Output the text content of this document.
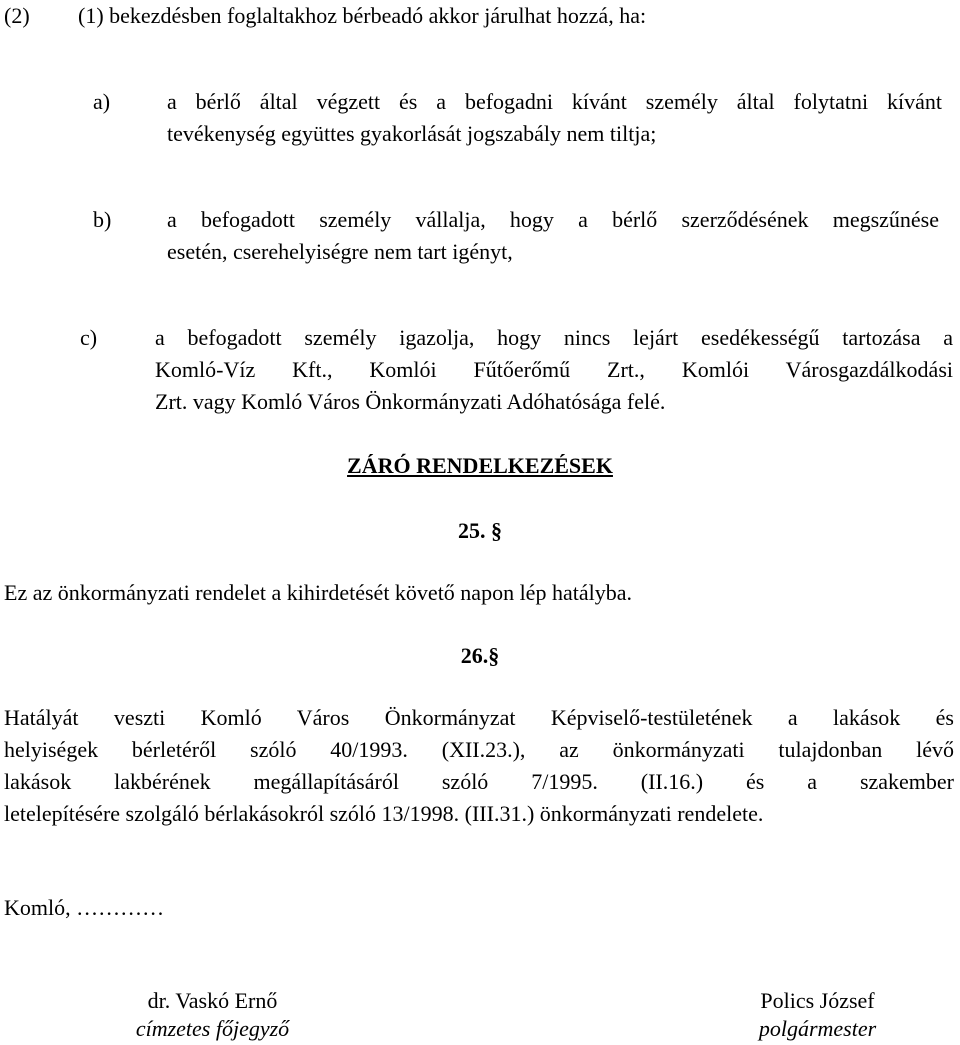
(2) (1) bekezdésben foglaltakhoz bérbeadó akkor járulhat hozzá, ha:
a)	a bérlő által végzett és a befogadni kívánt személy által folytatni kívánt
tevékenység együttes gyakorlását jogszabály nem tiltja;
b)	a befogadott személy vállalja, hogy a bérlő szerződésének megszűnése
esetén, cserehelyiségre nem tart igényt,
c)	a befogadott személy igazolja, hogy nincs lejárt esedékességű tartozása a
Komló-Víz Kft., Komlói Fűtőerőmű Zrt., Komlói Városgazdálkodási
Zrt. vagy Komló Város Önkormányzati Adóhatósága felé.
ZÁRÓ RENDELKEZÉSEK
25. §
Ez az önkormányzati rendelet a kihirdetését követő napon lép hatályba.
26.§
Hatályát veszti Komló Város Önkormányzat Képviselő-testületének a lakások és
helyiségek bérletéről szóló 40/1993. (XII.23.), az önkormányzati tulajdonban lévő
lakások lakbérének megállapításáról szóló 7/1995. (II.16.) és a szakember
letelepítésére szolgáló bérlakásokról szóló 13/1998. (III.31.) önkormányzati rendelete.
Komló, …………
dr. Vaskó Ernő
címzetes főjegyző
Polics József
polgármester
